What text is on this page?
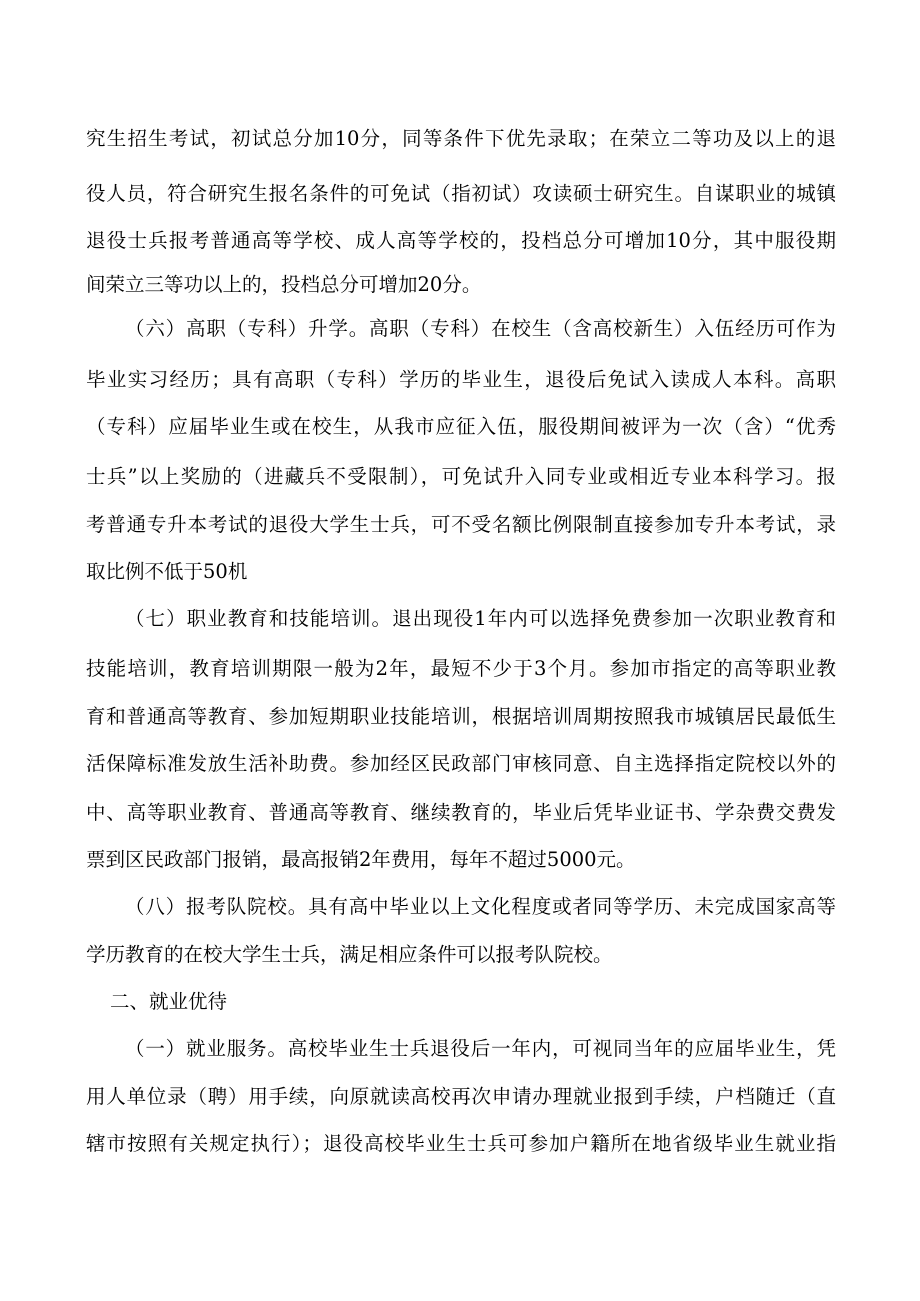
究生招生考试，初试总分加10分，同等条件下优先录取；在荣立二等功及以上的退
役人员，符合研究生报名条件的可免试（指初试）攻读硕士研究生。自谋职业的城镇
退役士兵报考普通高等学校、成人高等学校的，投档总分可增加10分，其中服役期
间荣立三等功以上的，投档总分可增加20分。
（六）高职（专科）升学。高职（专科）在校生（含高校新生）入伍经历可作为
毕业实习经历；具有高职（专科）学历的毕业生，退役后免试入读成人本科。高职
（专科）应届毕业生或在校生，从我市应征入伍，服役期间被评为一次（含）“优秀
士兵”以上奖励的（进藏兵不受限制），可免试升入同专业或相近专业本科学习。报
考普通专升本考试的退役大学生士兵，可不受名额比例限制直接参加专升本考试，录
取比例不低于50机
（七）职业教育和技能培训。退出现役1年内可以选择免费参加一次职业教育和
技能培训，教育培训期限一般为2年，最短不少于3个月。参加市指定的高等职业教
育和普通高等教育、参加短期职业技能培训，根据培训周期按照我市城镇居民最低生
活保障标准发放生活补助费。参加经区民政部门审核同意、自主选择指定院校以外的
中、高等职业教育、普通高等教育、继续教育的，毕业后凭毕业证书、学杂费交费发
票到区民政部门报销，最高报销2年费用，每年不超过5000元。
（八）报考队院校。具有高中毕业以上文化程度或者同等学历、未完成国家高等
学历教育的在校大学生士兵，满足相应条件可以报考队院校。
二、就业优待
（一）就业服务。高校毕业生士兵退役后一年内，可视同当年的应届毕业生，凭
用人单位录（聘）用手续，向原就读高校再次申请办理就业报到手续，户档随迁（直
辖市按照有关规定执行）；退役高校毕业生士兵可参加户籍所在地省级毕业生就业指
